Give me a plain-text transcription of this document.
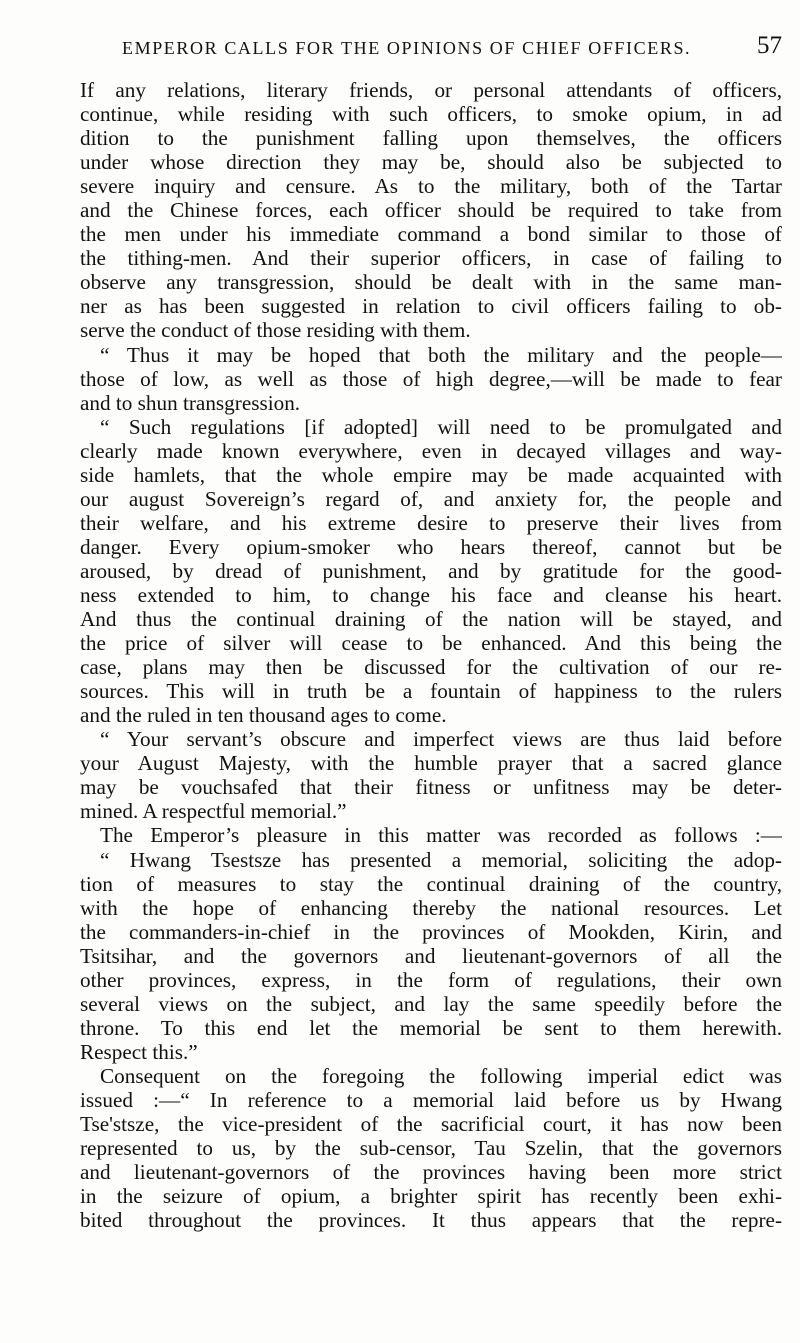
EMPEROR CALLS FOR THE OPINIONS OF CHIEF OFFICERS.	57
If any relations, literary friends, or personal attendants of officers,
continue, while residing with such officers, to smoke opium, in ad
dition to the punishment falling upon themselves, the officers
under whose direction they may be, should also be subjected to
severe inquiry and censure. As to the military, both of the Tartar
and the Chinese forces, each officer should be required to take from
the men under his immediate command a bond similar to those of
the tithing-men. And their superior officers, in case of failing to
observe any transgression, should be dealt with in the same man-
ner as has been suggested in relation to civil officers failing to ob-
serve the conduct of those residing with them.
“ Thus it may be hoped that both the military and the people—
those of low, as well as those of high degree,—will be made to fear
and to shun transgression.
“ Such regulations [if adopted] will need to be promulgated and
clearly made known everywhere, even in decayed villages and way-
side hamlets, that the whole empire may be made acquainted with
our august Sovereign’s regard of, and anxiety for, the people and
their welfare, and his extreme desire to preserve their lives from
danger. Every opium-smoker who hears thereof, cannot but be
aroused, by dread of punishment, and by gratitude for the good-
ness extended to him, to change his face and cleanse his heart.
And thus the continual draining of the nation will be stayed, and
the price of silver will cease to be enhanced. And this being the
case, plans may then be discussed for the cultivation of our re-
sources. This will in truth be a fountain of happiness to the rulers
and the ruled in ten thousand ages to come.
“ Your servant’s obscure and imperfect views are thus laid before
your August Majesty, with the humble prayer that a sacred glance
may be vouchsafed that their fitness or unfitness may be deter-
mined. A respectful memorial.”
The Emperor’s pleasure in this matter was recorded as follows :—
“ Hwang Tsestsze has presented a memorial, soliciting the adop-
tion of measures to stay the continual draining of the country,
with the hope of enhancing thereby the national resources. Let
the commanders-in-chief in the provinces of Mookden, Kirin, and
Tsitsihar, and the governors and lieutenant-governors of all the
other provinces, express, in the form of regulations, their own
several views on the subject, and lay the same speedily before the
throne. To this end let the memorial be sent to them herewith.
Respect this.”
Consequent on the foregoing the following imperial edict was
issued :—“ In reference to a memorial laid before us by Hwang
Tse'stsze, the vice-president of the sacrificial court, it has now been
represented to us, by the sub-censor, Tau Szelin, that the governors
and lieutenant-governors of the provinces having been more strict
in the seizure of opium, a brighter spirit has recently been exhi-
bited throughout the provinces. It thus appears that the repre-
